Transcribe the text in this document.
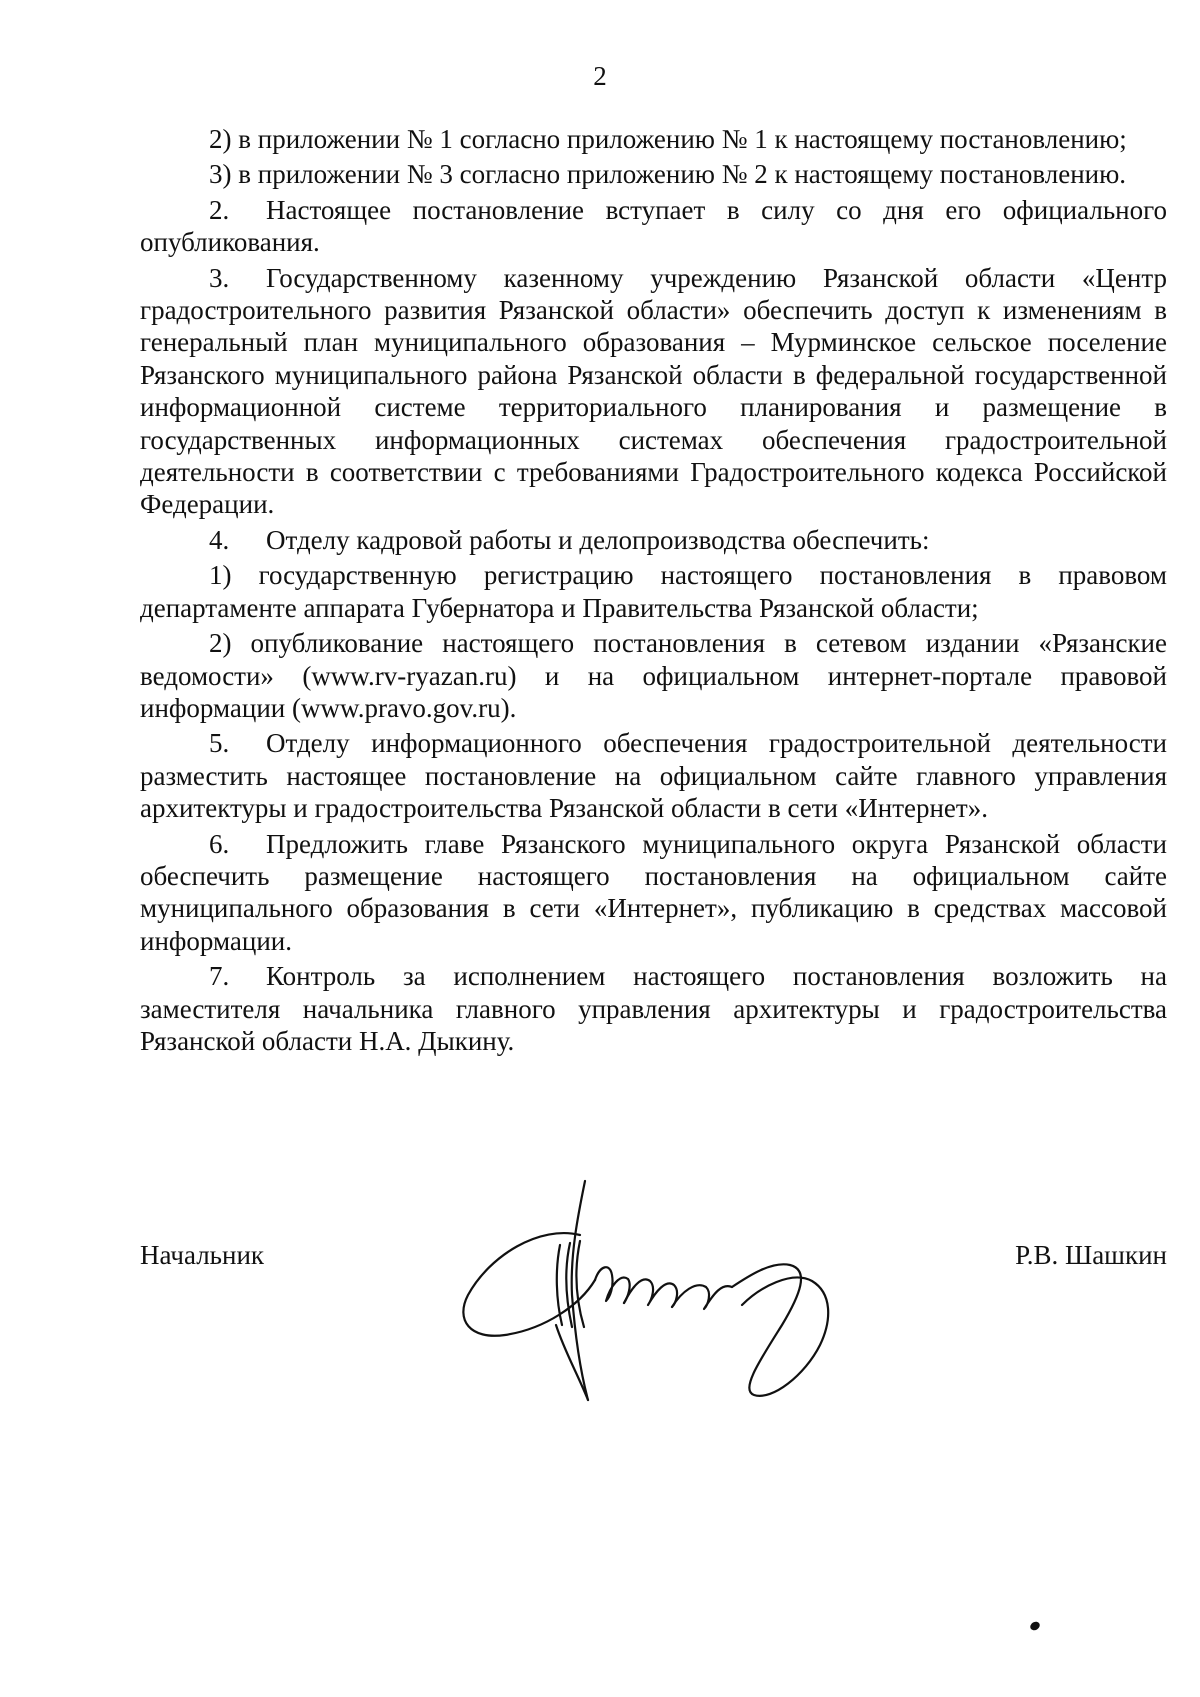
2

2) в приложении № 1 согласно приложению № 1 к настоящему постановлению;

3) в приложении № 3 согласно приложению № 2 к настоящему постановлению.

2. Настоящее постановление вступает в силу со дня его официального опубликования.

3. Государственному казенному учреждению Рязанской области «Центр градостроительного развития Рязанской области» обеспечить доступ к изменениям в генеральный план муниципального образования – Мурминское сельское поселение Рязанского муниципального района Рязанской области в федеральной государственной информационной системе территориального планирования и размещение в государственных информационных системах обеспечения градостроительной деятельности в соответствии с требованиями Градостроительного кодекса Российской Федерации.

4. Отделу кадровой работы и делопроизводства обеспечить:

1) государственную регистрацию настоящего постановления в правовом департаменте аппарата Губернатора и Правительства Рязанской области;

2) опубликование настоящего постановления в сетевом издании «Рязанские ведомости» (www.rv-ryazan.ru) и на официальном интернет-портале правовой информации (www.pravo.gov.ru).

5. Отделу информационного обеспечения градостроительной деятельности разместить настоящее постановление на официальном сайте главного управления архитектуры и градостроительства Рязанской области в сети «Интернет».

6. Предложить главе Рязанского муниципального округа Рязанской области обеспечить размещение настоящего постановления на официальном сайте муниципального образования в сети «Интернет», публикацию в средствах массовой информации.

7. Контроль за исполнением настоящего постановления возложить на заместителя начальника главного управления архитектуры и градостроительства Рязанской области Н.А. Дыкину.

Начальник	Р.В. Шашкин
